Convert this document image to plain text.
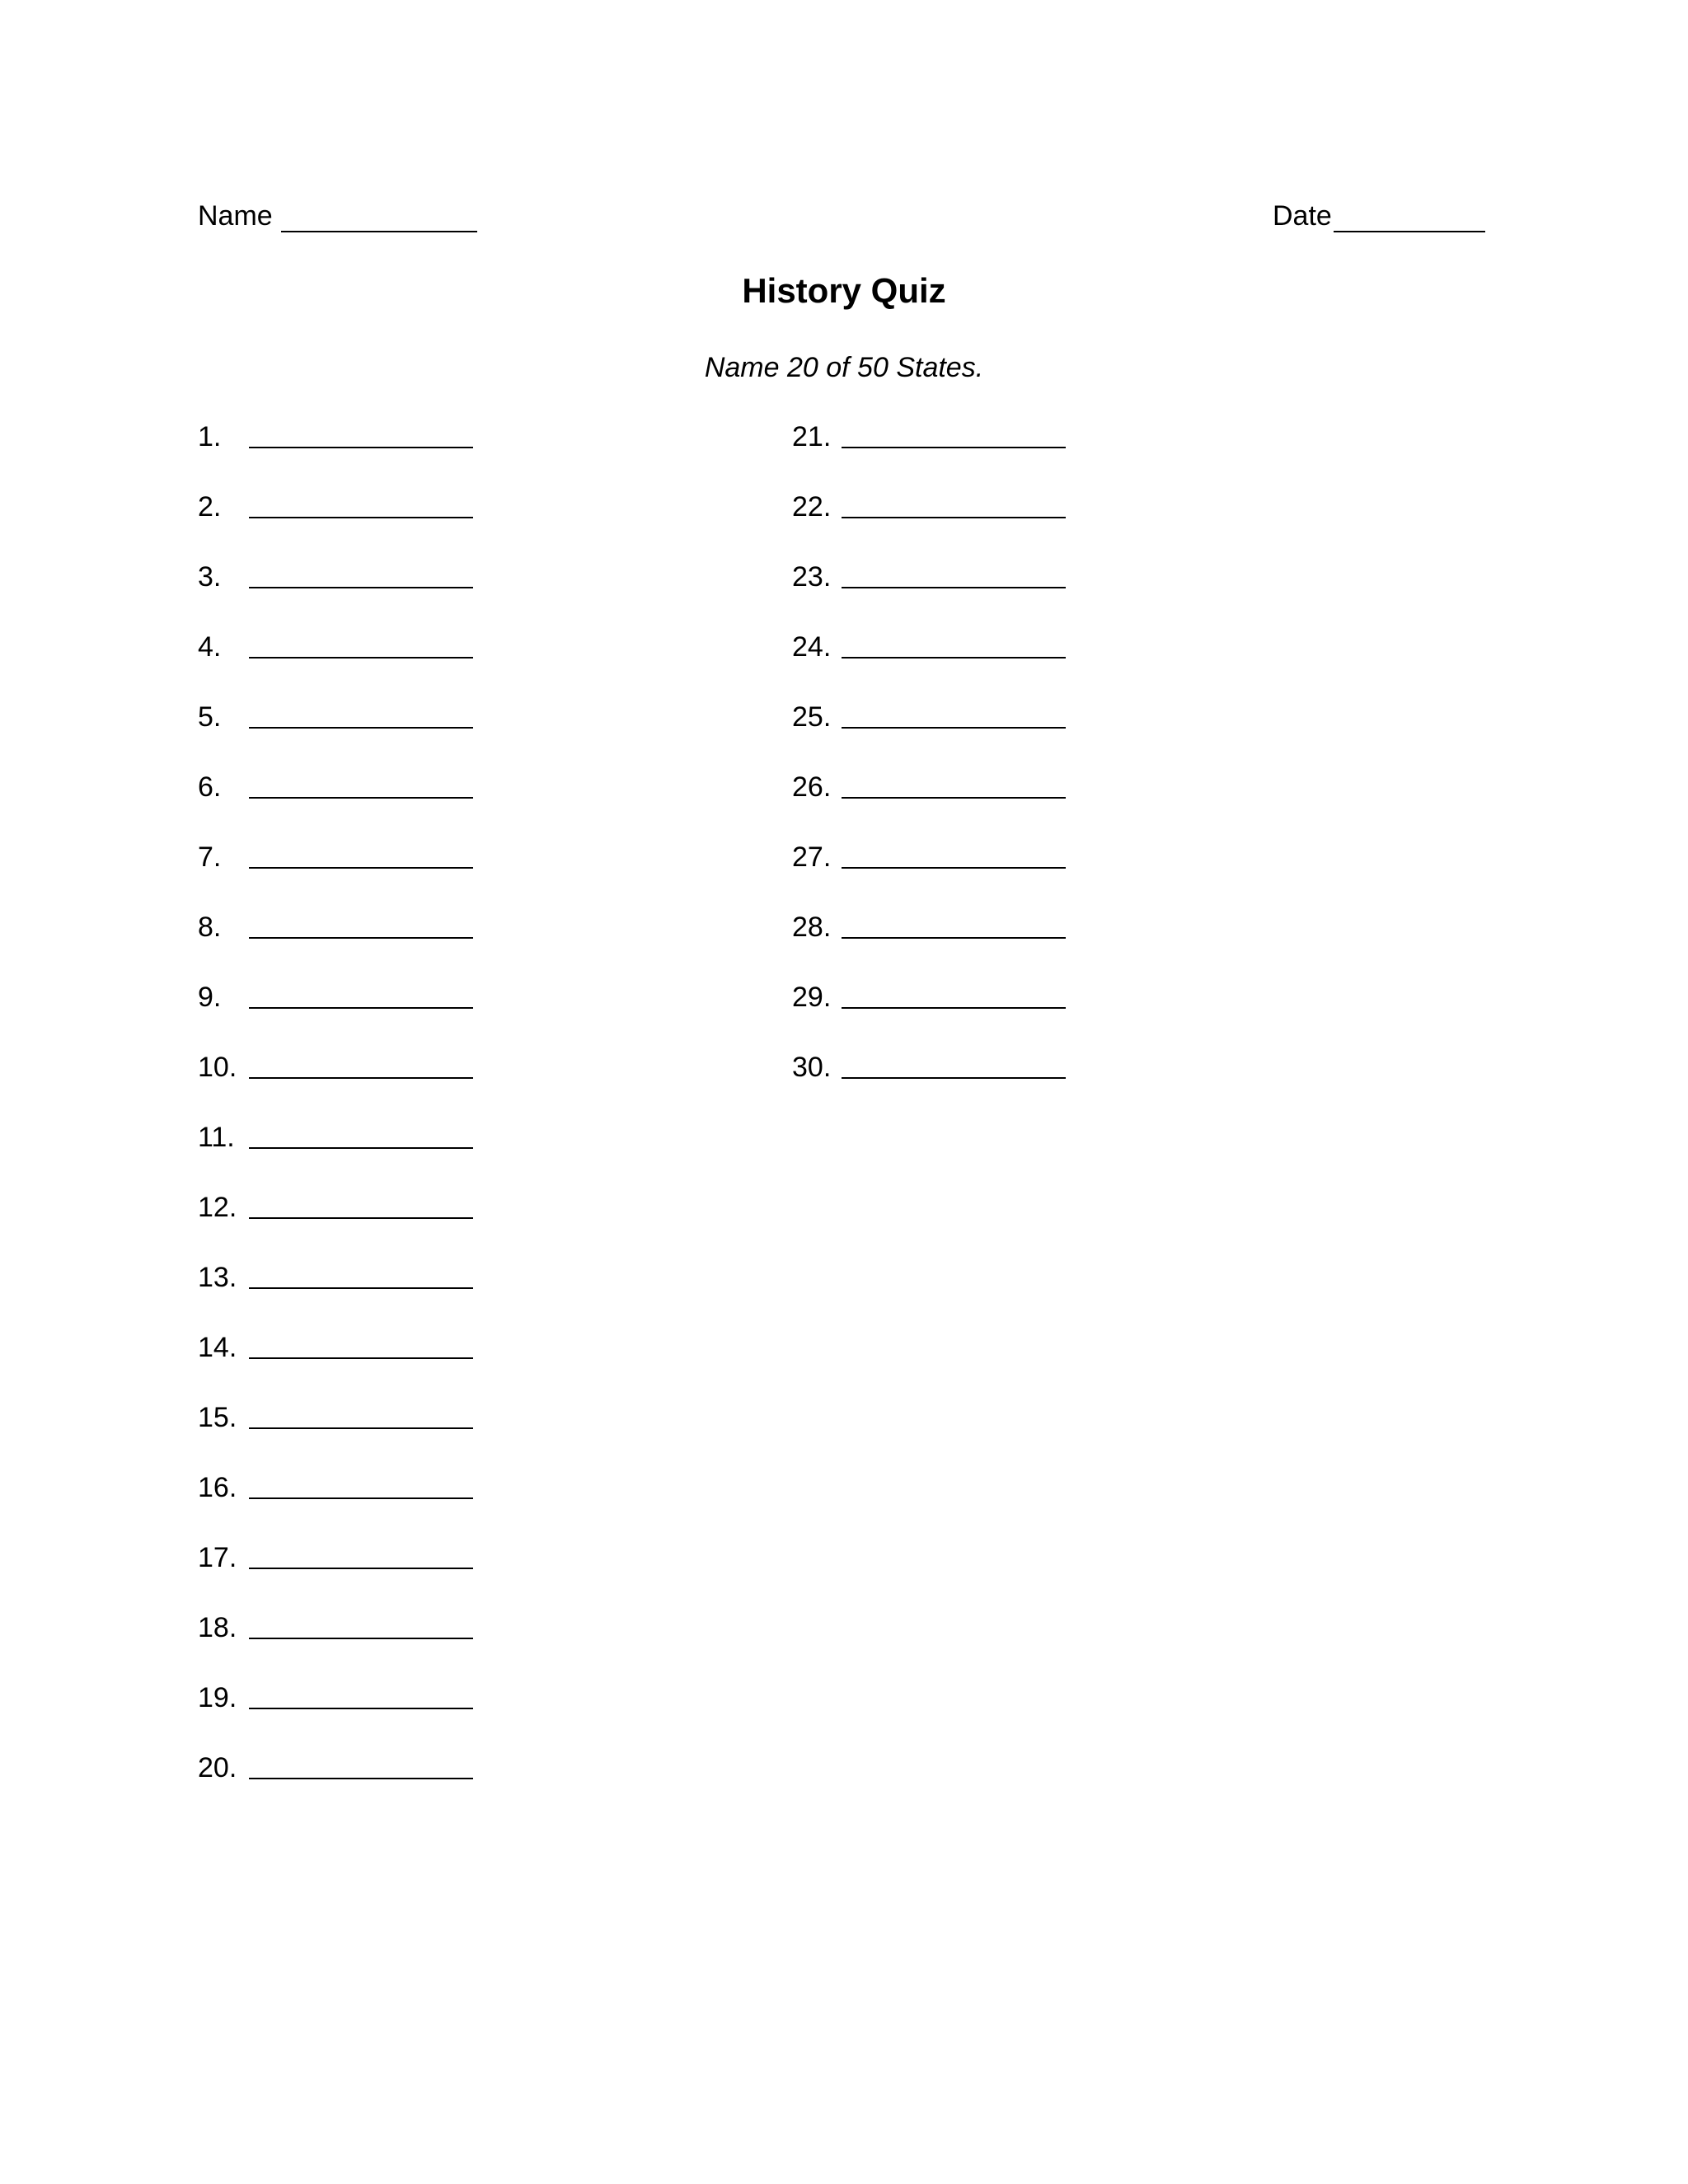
Name	Date
History Quiz
Name 20 of 50 States.
1.
2.
3.
4.
5.
6.
7.
8.
9.
10.
11.
12.
13.
14.
15.
16.
17.
18.
19.
20.
21.
22.
23.
24.
25.
26.
27.
28.
29.
30.
